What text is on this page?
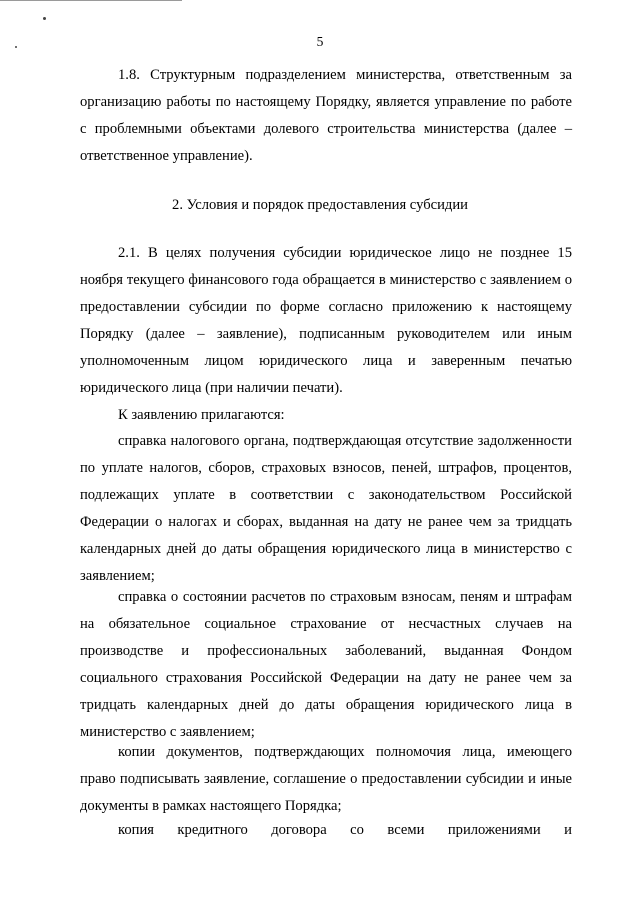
5

1.8. Структурным подразделением министерства, ответственным за организацию работы по настоящему Порядку, является управление по работе с проблемными объектами долевого строительства министерства (далее – ответственное управление).

2. Условия и порядок предоставления субсидии

2.1. В целях получения субсидии юридическое лицо не позднее 15 ноября текущего финансового года обращается в министерство с заявлением о предоставлении субсидии по форме согласно приложению к настоящему Порядку (далее – заявление), подписанным руководителем или иным уполномоченным лицом юридического лица и заверенным печатью юридического лица (при наличии печати).

К заявлению прилагаются:

справка налогового органа, подтверждающая отсутствие задолженности по уплате налогов, сборов, страховых взносов, пеней, штрафов, процентов, подлежащих уплате в соответствии с законодательством Российской Федерации о налогах и сборах, выданная на дату не ранее чем за тридцать календарных дней до даты обращения юридического лица в министерство с заявлением;

справка о состоянии расчетов по страховым взносам, пеням и штрафам на обязательное социальное страхование от несчастных случаев на производстве и профессиональных заболеваний, выданная Фондом социального страхования Российской Федерации на дату не ранее чем за тридцать календарных дней до даты обращения юридического лица в министерство с заявлением;

копии документов, подтверждающих полномочия лица, имеющего право подписывать заявление, соглашение о предоставлении субсидии и иные документы в рамках настоящего Порядка;

копия кредитного договора со всеми приложениями и
